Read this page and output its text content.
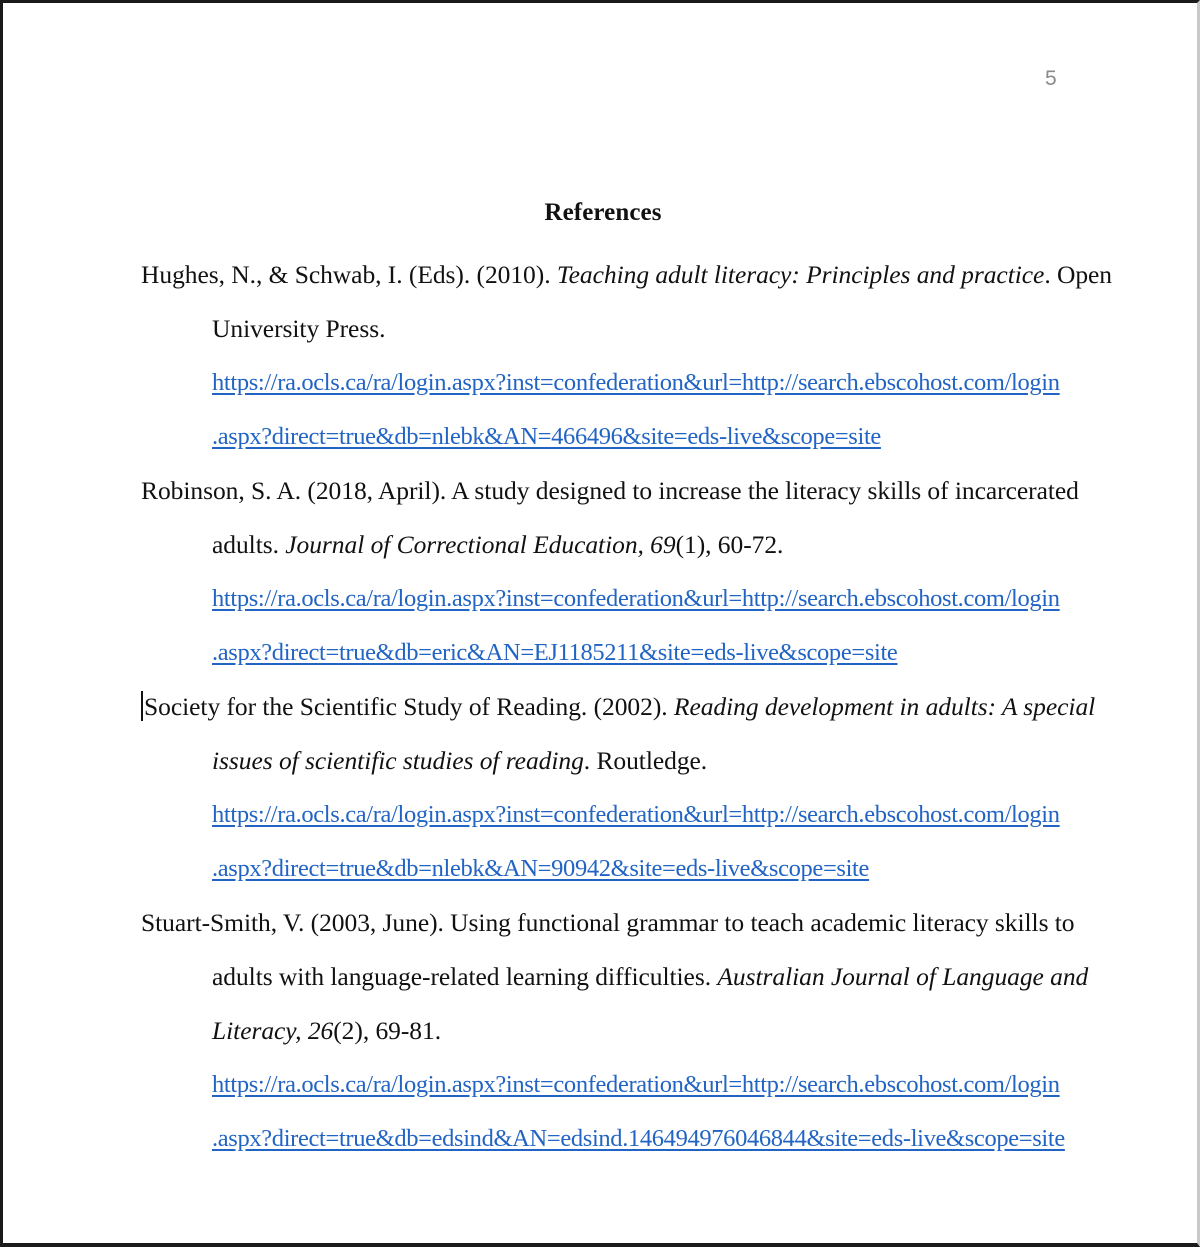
5
References
Hughes, N., & Schwab, I. (Eds). (2010). Teaching adult literacy: Principles and practice. Open
University Press.
https://ra.ocls.ca/ra/login.aspx?inst=confederation&url=http://search.ebscohost.com/login
.aspx?direct=true&db=nlebk&AN=466496&site=eds-live&scope=site
Robinson, S. A. (2018, April). A study designed to increase the literacy skills of incarcerated
adults. Journal of Correctional Education, 69(1), 60-72.
https://ra.ocls.ca/ra/login.aspx?inst=confederation&url=http://search.ebscohost.com/login
.aspx?direct=true&db=eric&AN=EJ1185211&site=eds-live&scope=site
Society for the Scientific Study of Reading. (2002). Reading development in adults: A special
issues of scientific studies of reading. Routledge.
https://ra.ocls.ca/ra/login.aspx?inst=confederation&url=http://search.ebscohost.com/login
.aspx?direct=true&db=nlebk&AN=90942&site=eds-live&scope=site
Stuart-Smith, V. (2003, June). Using functional grammar to teach academic literacy skills to
adults with language-related learning difficulties. Australian Journal of Language and
Literacy, 26(2), 69-81.
https://ra.ocls.ca/ra/login.aspx?inst=confederation&url=http://search.ebscohost.com/login
.aspx?direct=true&db=edsind&AN=edsind.146494976046844&site=eds-live&scope=site
